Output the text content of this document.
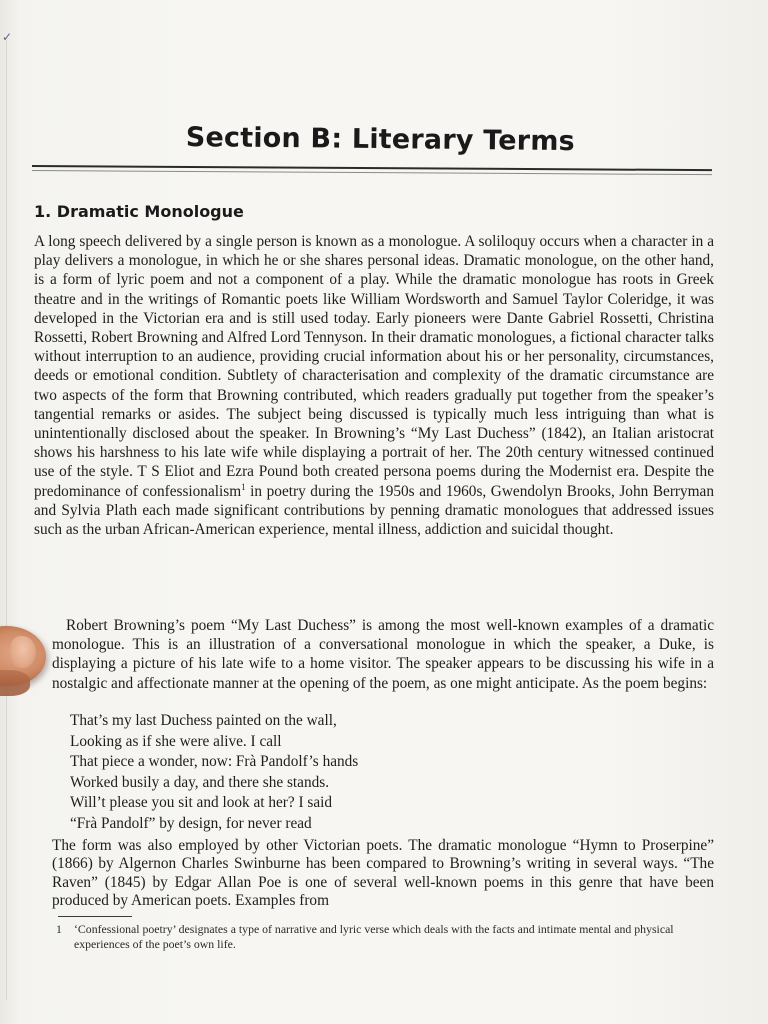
✓
Section B: Literary Terms
1. Dramatic Monologue

A long speech delivered by a single person is known as a monologue. A soliloquy occurs when a character in a play delivers a monologue, in which he or she shares personal ideas. Dramatic monologue, on the other hand, is a form of lyric poem and not a component of a play. While the dramatic monologue has roots in Greek theatre and in the writings of Romantic poets like William Wordsworth and Samuel Taylor Coleridge, it was developed in the Victorian era and is still used today. Early pioneers were Dante Gabriel Rossetti, Christina Rossetti, Robert Browning and Alfred Lord Tennyson. In their dramatic monologues, a fictional character talks without interruption to an audience, providing crucial information about his or her personality, circumstances, deeds or emotional condition. Subtlety of characterisation and complexity of the dramatic circumstance are two aspects of the form that Browning contributed, which readers gradually put together from the speaker’s tangential remarks or asides. The subject being discussed is typically much less intriguing than what is unintentionally disclosed about the speaker. In Browning’s “My Last Duchess” (1842), an Italian aristocrat shows his harshness to his late wife while displaying a portrait of her. The 20th century witnessed continued use of the style. T S Eliot and Ezra Pound both created persona poems during the Modernist era. Despite the predominance of confessionalism$^1$ in poetry during the 1950s and 1960s, Gwendolyn Brooks, John Berryman and Sylvia Plath each made significant contributions by penning dramatic monologues that addressed issues such as the urban African-American experience, mental illness, addiction and suicidal thought.

Robert Browning’s poem “My Last Duchess” is among the most well-known examples of a dramatic monologue. This is an illustration of a conversational monologue in which the speaker, a Duke, is displaying a picture of his late wife to a home visitor. The speaker appears to be discussing his wife in a nostalgic and affectionate manner at the opening of the poem, as one might anticipate. As the poem begins:

That’s my last Duchess painted on the wall,
Looking as if she were alive. I call
That piece a wonder, now: Frà Pandolf’s hands
Worked busily a day, and there she stands.
Will’t please you sit and look at her? I said
“Frà Pandolf” by design, for never read

The form was also employed by other Victorian poets. The dramatic monologue “Hymn to Proserpine” (1866) by Algernon Charles Swinburne has been compared to Browning’s writing in several ways. “The Raven” (1845) by Edgar Allan Poe is one of several well-known poems in this genre that have been produced by American poets. Examples from

1 ‘Confessional poetry’ designates a type of narrative and lyric verse which deals with the facts and intimate mental and physical experiences of the poet’s own life.
